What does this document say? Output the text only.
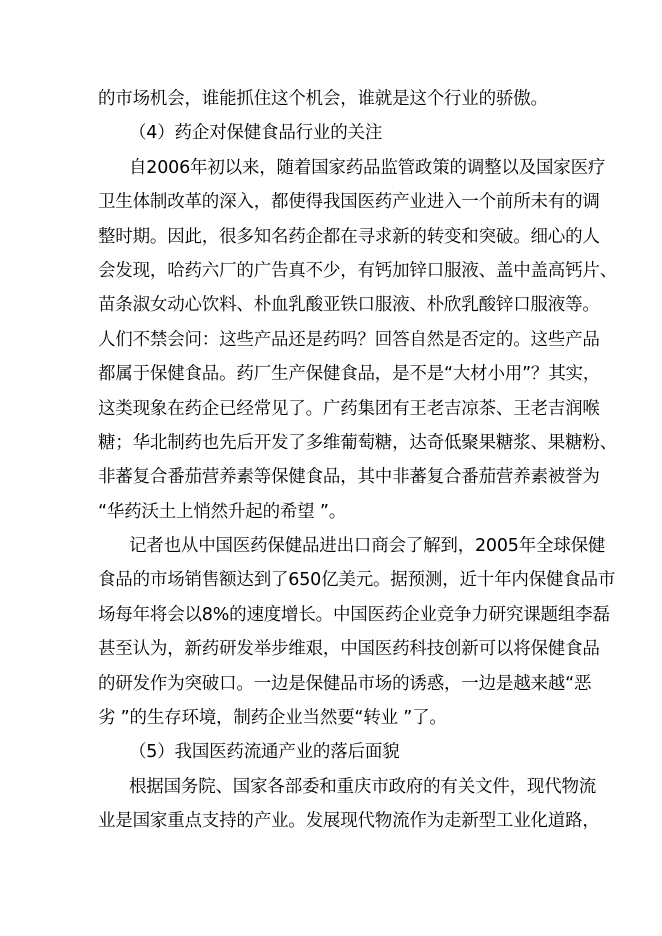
的市场机会，谁能抓住这个机会，谁就是这个行业的骄傲。
（4）药企对保健食品行业的关注
自2006年初以来，随着国家药品监管政策的调整以及国家医疗
卫生体制改革的深入，都使得我国医药产业进入一个前所未有的调
整时期。因此，很多知名药企都在寻求新的转变和突破。细心的人
会发现，哈药六厂的广告真不少，有钙加锌口服液、盖中盖高钙片、
苗条淑女动心饮料、朴血乳酸亚铁口服液、朴欣乳酸锌口服液等。
人们不禁会问：这些产品还是药吗？回答自然是否定的。这些产品
都属于保健食品。药厂生产保健食品，是不是“大材小用”？其实，
这类现象在药企已经常见了。广药集团有王老吉凉茶、王老吉润喉
糖；华北制药也先后开发了多维葡萄糖，达奇低聚果糖浆、果糖粉、
非蕃复合番茄营养素等保健食品，其中非蕃复合番茄营养素被誉为
“华药沃土上悄然升起的希望 ”。
记者也从中国医药保健品进出口商会了解到，2005年全球保健
食品的市场销售额达到了650亿美元。据预测，近十年内保健食品市
场每年将会以8%的速度增长。中国医药企业竞争力研究课题组李磊
甚至认为，新药研发举步维艰，中国医药科技创新可以将保健食品
的研发作为突破口。一边是保健品市场的诱惑，一边是越来越“恶
劣 ”的生存环境，制药企业当然要“转业 ”了。
（5）我国医药流通产业的落后面貌
根据国务院、国家各部委和重庆市政府的有关文件，现代物流
业是国家重点支持的产业。发展现代物流作为走新型工业化道路，
